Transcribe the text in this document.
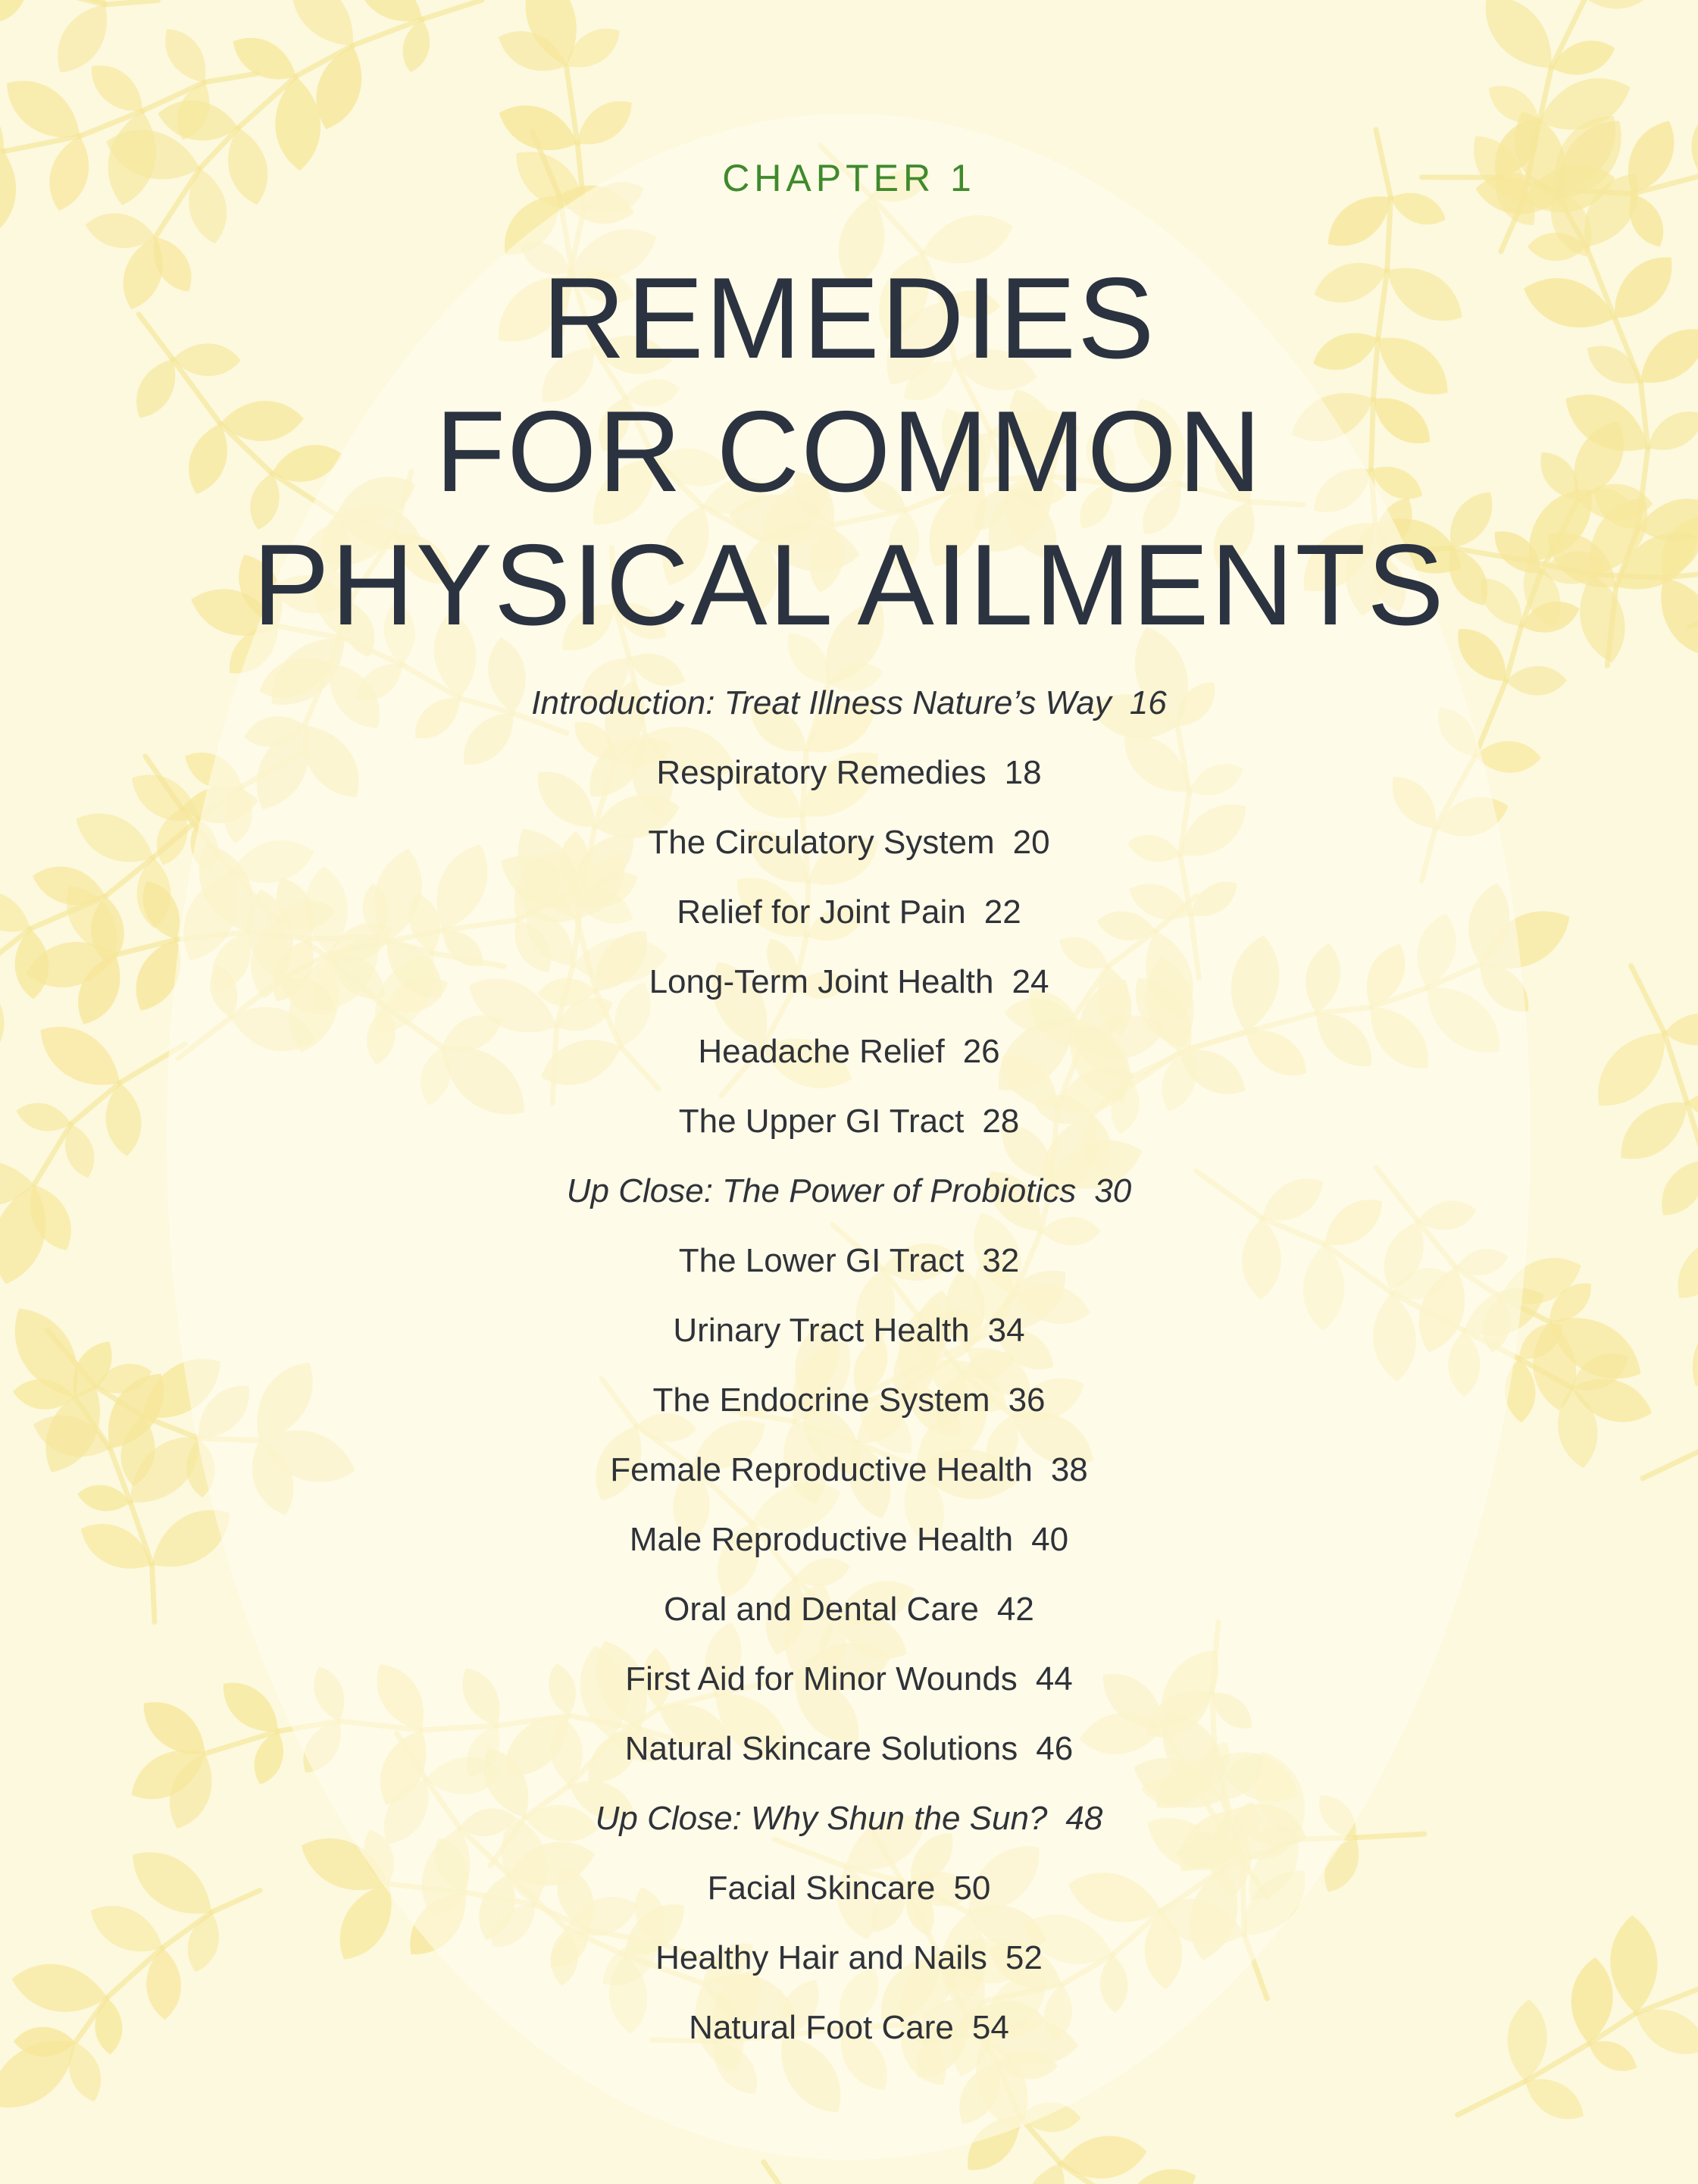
CHAPTER 1
REMEDIES
FOR COMMON
PHYSICAL AILMENTS
Introduction: Treat Illness Nature’s Way 16
Respiratory Remedies 18
The Circulatory System 20
Relief for Joint Pain 22
Long-Term Joint Health 24
Headache Relief 26
The Upper GI Tract 28
Up Close: The Power of Probiotics 30
The Lower GI Tract 32
Urinary Tract Health 34
The Endocrine System 36
Female Reproductive Health 38
Male Reproductive Health 40
Oral and Dental Care 42
First Aid for Minor Wounds 44
Natural Skincare Solutions 46
Up Close: Why Shun the Sun? 48
Facial Skincare 50
Healthy Hair and Nails 52
Natural Foot Care 54
